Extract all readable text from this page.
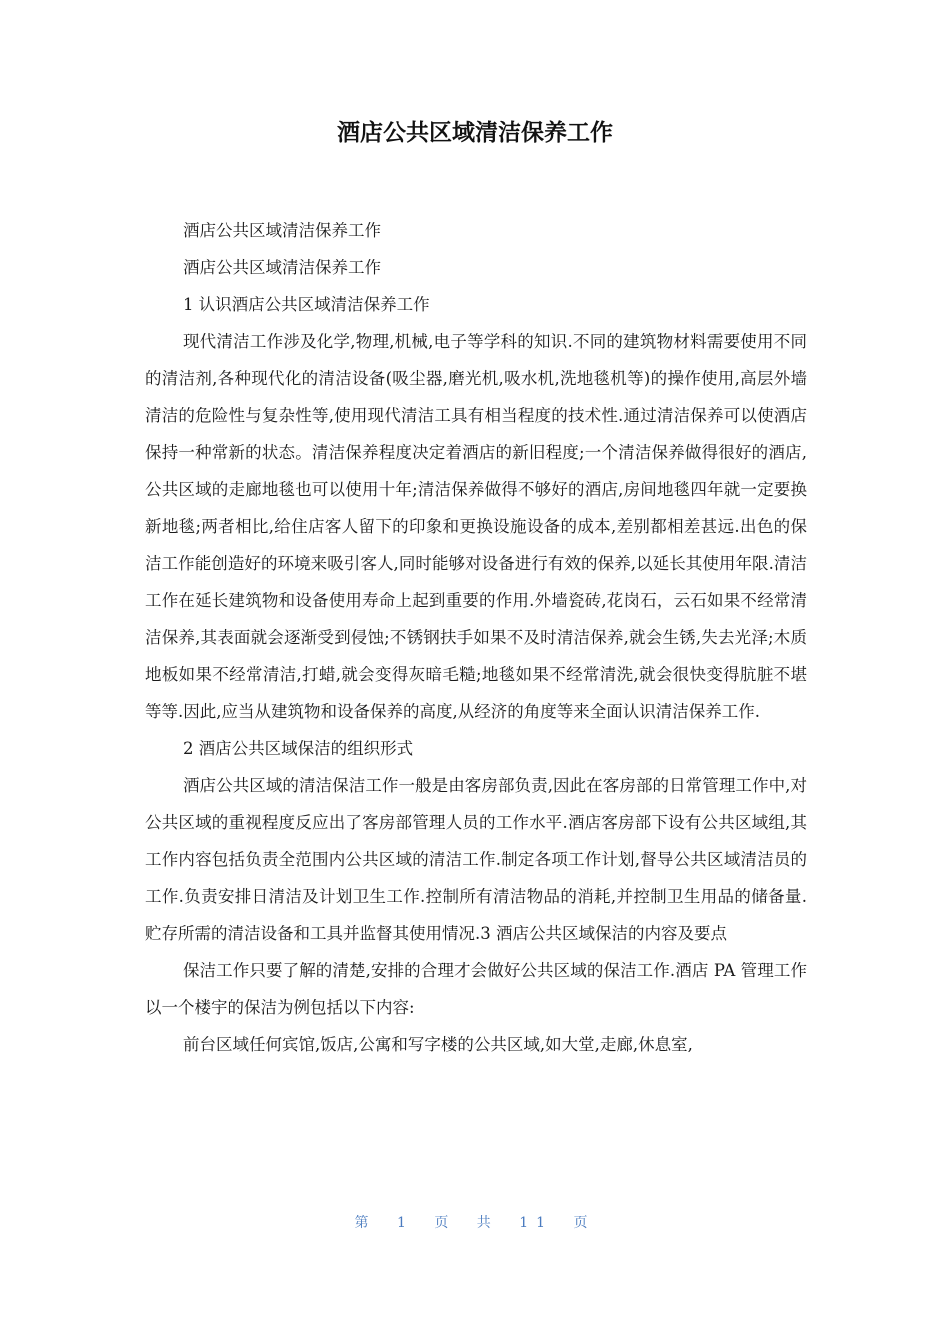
酒店公共区域清洁保养工作

酒店公共区域清洁保养工作

酒店公共区域清洁保养工作

1 认识酒店公共区域清洁保养工作

现代清洁工作涉及化学,物理,机械,电子等学科的知识.不同的建筑物材料需要使用不同的清洁剂,各种现代化的清洁设备(吸尘器,磨光机,吸水机,洗地毯机等)的操作使用,高层外墙清洁的危险性与复杂性等,使用现代清洁工具有相当程度的技术性.通过清洁保养可以使酒店保持一种常新的状态。清洁保养程度决定着酒店的新旧程度;一个清洁保养做得很好的酒店,公共区域的走廊地毯也可以使用十年;清洁保养做得不够好的酒店,房间地毯四年就一定要换新地毯;两者相比,给住店客人留下的印象和更换设施设备的成本,差别都相差甚远.出色的保洁工作能创造好的环境来吸引客人,同时能够对设备进行有效的保养,以延长其使用年限.清洁工作在延长建筑物和设备使用寿命上起到重要的作用.外墙瓷砖,花岗石，云石如果不经常清洁保养,其表面就会逐渐受到侵蚀;不锈钢扶手如果不及时清洁保养,就会生锈,失去光泽;木质地板如果不经常清洁,打蜡,就会变得灰暗毛糙;地毯如果不经常清洗,就会很快变得肮脏不堪等等.因此,应当从建筑物和设备保养的高度,从经济的角度等来全面认识清洁保养工作.

2 酒店公共区域保洁的组织形式

酒店公共区域的清洁保洁工作一般是由客房部负责,因此在客房部的日常管理工作中,对公共区域的重视程度反应出了客房部管理人员的工作水平.酒店客房部下设有公共区域组,其工作内容包括负责全范围内公共区域的清洁工作.制定各项工作计划,督导公共区域清洁员的工作.负责安排日清洁及计划卫生工作.控制所有清洁物品的消耗,并控制卫生用品的储备量.贮存所需的清洁设备和工具并监督其使用情况.3 酒店公共区域保洁的内容及要点

保洁工作只要了解的清楚,安排的合理才会做好公共区域的保洁工作.酒店 PA 管理工作以一个楼宇的保洁为例包括以下内容:

前台区域任何宾馆,饭店,公寓和写字楼的公共区域,如大堂,走廊,休息室,

第 1 页 共 11 页
